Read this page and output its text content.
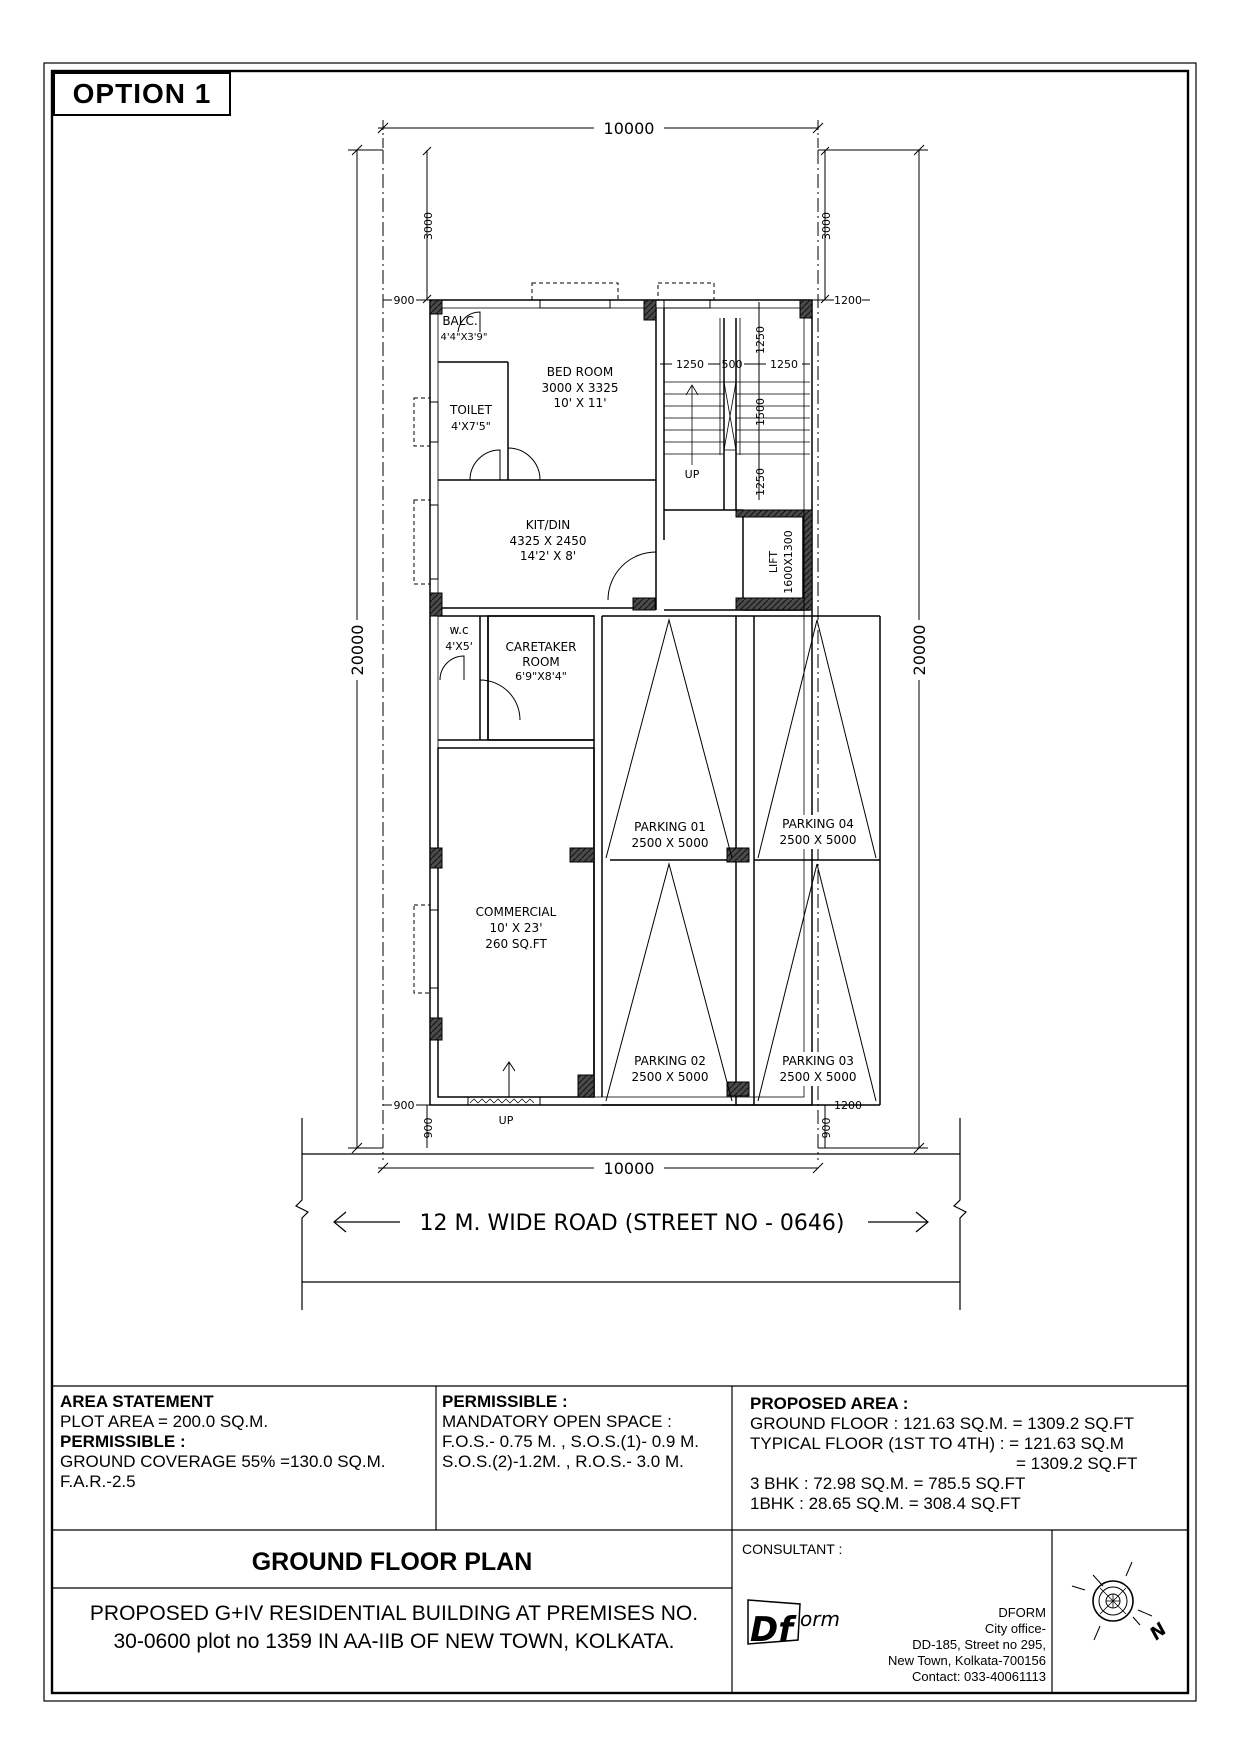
10000
10000
20000	20000
3000	3000
900	1200
900	1200
900	900
1250 500	1250
1250
1500
1250
BALC.
4'4"X3'9"
BED ROOM
3000 X 3325
10' X 11'
TOILET
4'X7'5"
KIT/DIN
4325 X 2450
14'2' X 8'
w.c
4'X5'	CARETAKER
ROOM
6'9"X8'4"
COMMERCIAL
10' X 23'
260 SQ.FT
UP
UP
LIFT 1600X1300
PARKING 01
2500 X 5000
PARKING 02
2500 X 5000
PARKING 03
2500 X 5000
PARKING 04
2500 X 5000
12 M. WIDE ROAD (STREET NO - 0646)
Df orm	N
OPTION 1
AREA STATEMENT
PLOT AREA = 200.0 SQ.M.
PERMISSIBLE :
GROUND COVERAGE 55% =130.0 SQ.M.
F.A.R.-2.5
PERMISSIBLE :
MANDATORY OPEN SPACE :
F.O.S.- 0.75 M. , S.O.S.(1)- 0.9 M.
S.O.S.(2)-1.2M. , R.O.S.- 3.0 M.
PROPOSED AREA :
GROUND FLOOR : 121.63 SQ.M. = 1309.2 SQ.FT
TYPICAL FLOOR (1ST TO 4TH) : = 121.63 SQ.M
= 1309.2 SQ.FT
3 BHK : 72.98 SQ.M. = 785.5 SQ.FT
1BHK : 28.65 SQ.M. = 308.4 SQ.FT
GROUND FLOOR PLAN
PROPOSED G+IV RESIDENTIAL BUILDING AT PREMISES NO.
30-0600 plot no 1359 IN AA-IIB OF NEW TOWN, KOLKATA.
CONSULTANT :
DFORM
City office-
DD-185, Street no 295,
New Town, Kolkata-700156
Contact: 033-40061113
